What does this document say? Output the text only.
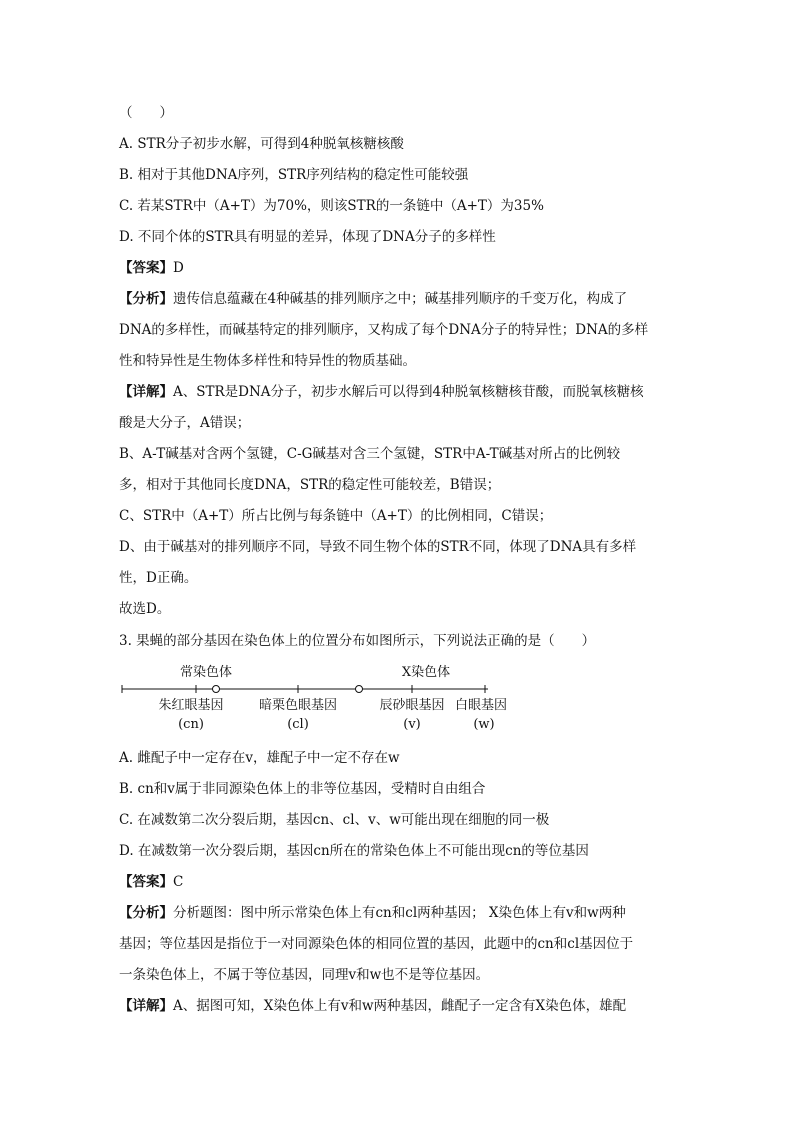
（　　）
A. STR分子初步水解，可得到4种脱氧核糖核酸
B. 相对于其他DNA序列，STR序列结构的稳定性可能较强
C. 若某STR中（A+T）为70%，则该STR的一条链中（A+T）为35%
D. 不同个体的STR具有明显的差异，体现了DNA分子的多样性
【答案】D
【分析】遗传信息蕴藏在4种碱基的排列顺序之中；碱基排列顺序的千变万化，构成了
DNA的多样性，而碱基特定的排列顺序，又构成了每个DNA分子的特异性；DNA的多样
性和特异性是生物体多样性和特异性的物质基础。
【详解】A、STR是DNA分子，初步水解后可以得到4种脱氧核糖核苷酸，而脱氧核糖核
酸是大分子，A错误；
B、A-T碱基对含两个氢键，C-G碱基对含三个氢键，STR中A-T碱基对所占的比例较
多，相对于其他同长度DNA，STR的稳定性可能较差，B错误；
C、STR中（A+T）所占比例与每条链中（A+T）的比例相同，C错误；
D、由于碱基对的排列顺序不同，导致不同生物个体的STR不同，体现了DNA具有多样
性，D正确。
故选D。
3. 果蝇的部分基因在染色体上的位置分布如图所示，下列说法正确的是（　　）
常染色体	X染色体
朱红眼基因
(cn)
暗栗色眼基因
(cl)
辰砂眼基因
(v)
白眼基因
(w)
A. 雌配子中一定存在v，雄配子中一定不存在w
B. cn和v属于非同源染色体上的非等位基因，受精时自由组合
C. 在减数第二次分裂后期，基因cn、cl、v、w可能出现在细胞的同一极
D. 在减数第一次分裂后期，基因cn所在的常染色体上不可能出现cn的等位基因
【答案】C
【分析】分析题图：图中所示常染色体上有cn和cl两种基因； X染色体上有v和w两种
基因；等位基因是指位于一对同源染色体的相同位置的基因，此题中的cn和cl基因位于
一条染色体上，不属于等位基因，同理v和w也不是等位基因。
【详解】A、据图可知，X染色体上有v和w两种基因，雌配子一定含有X染色体，雄配
